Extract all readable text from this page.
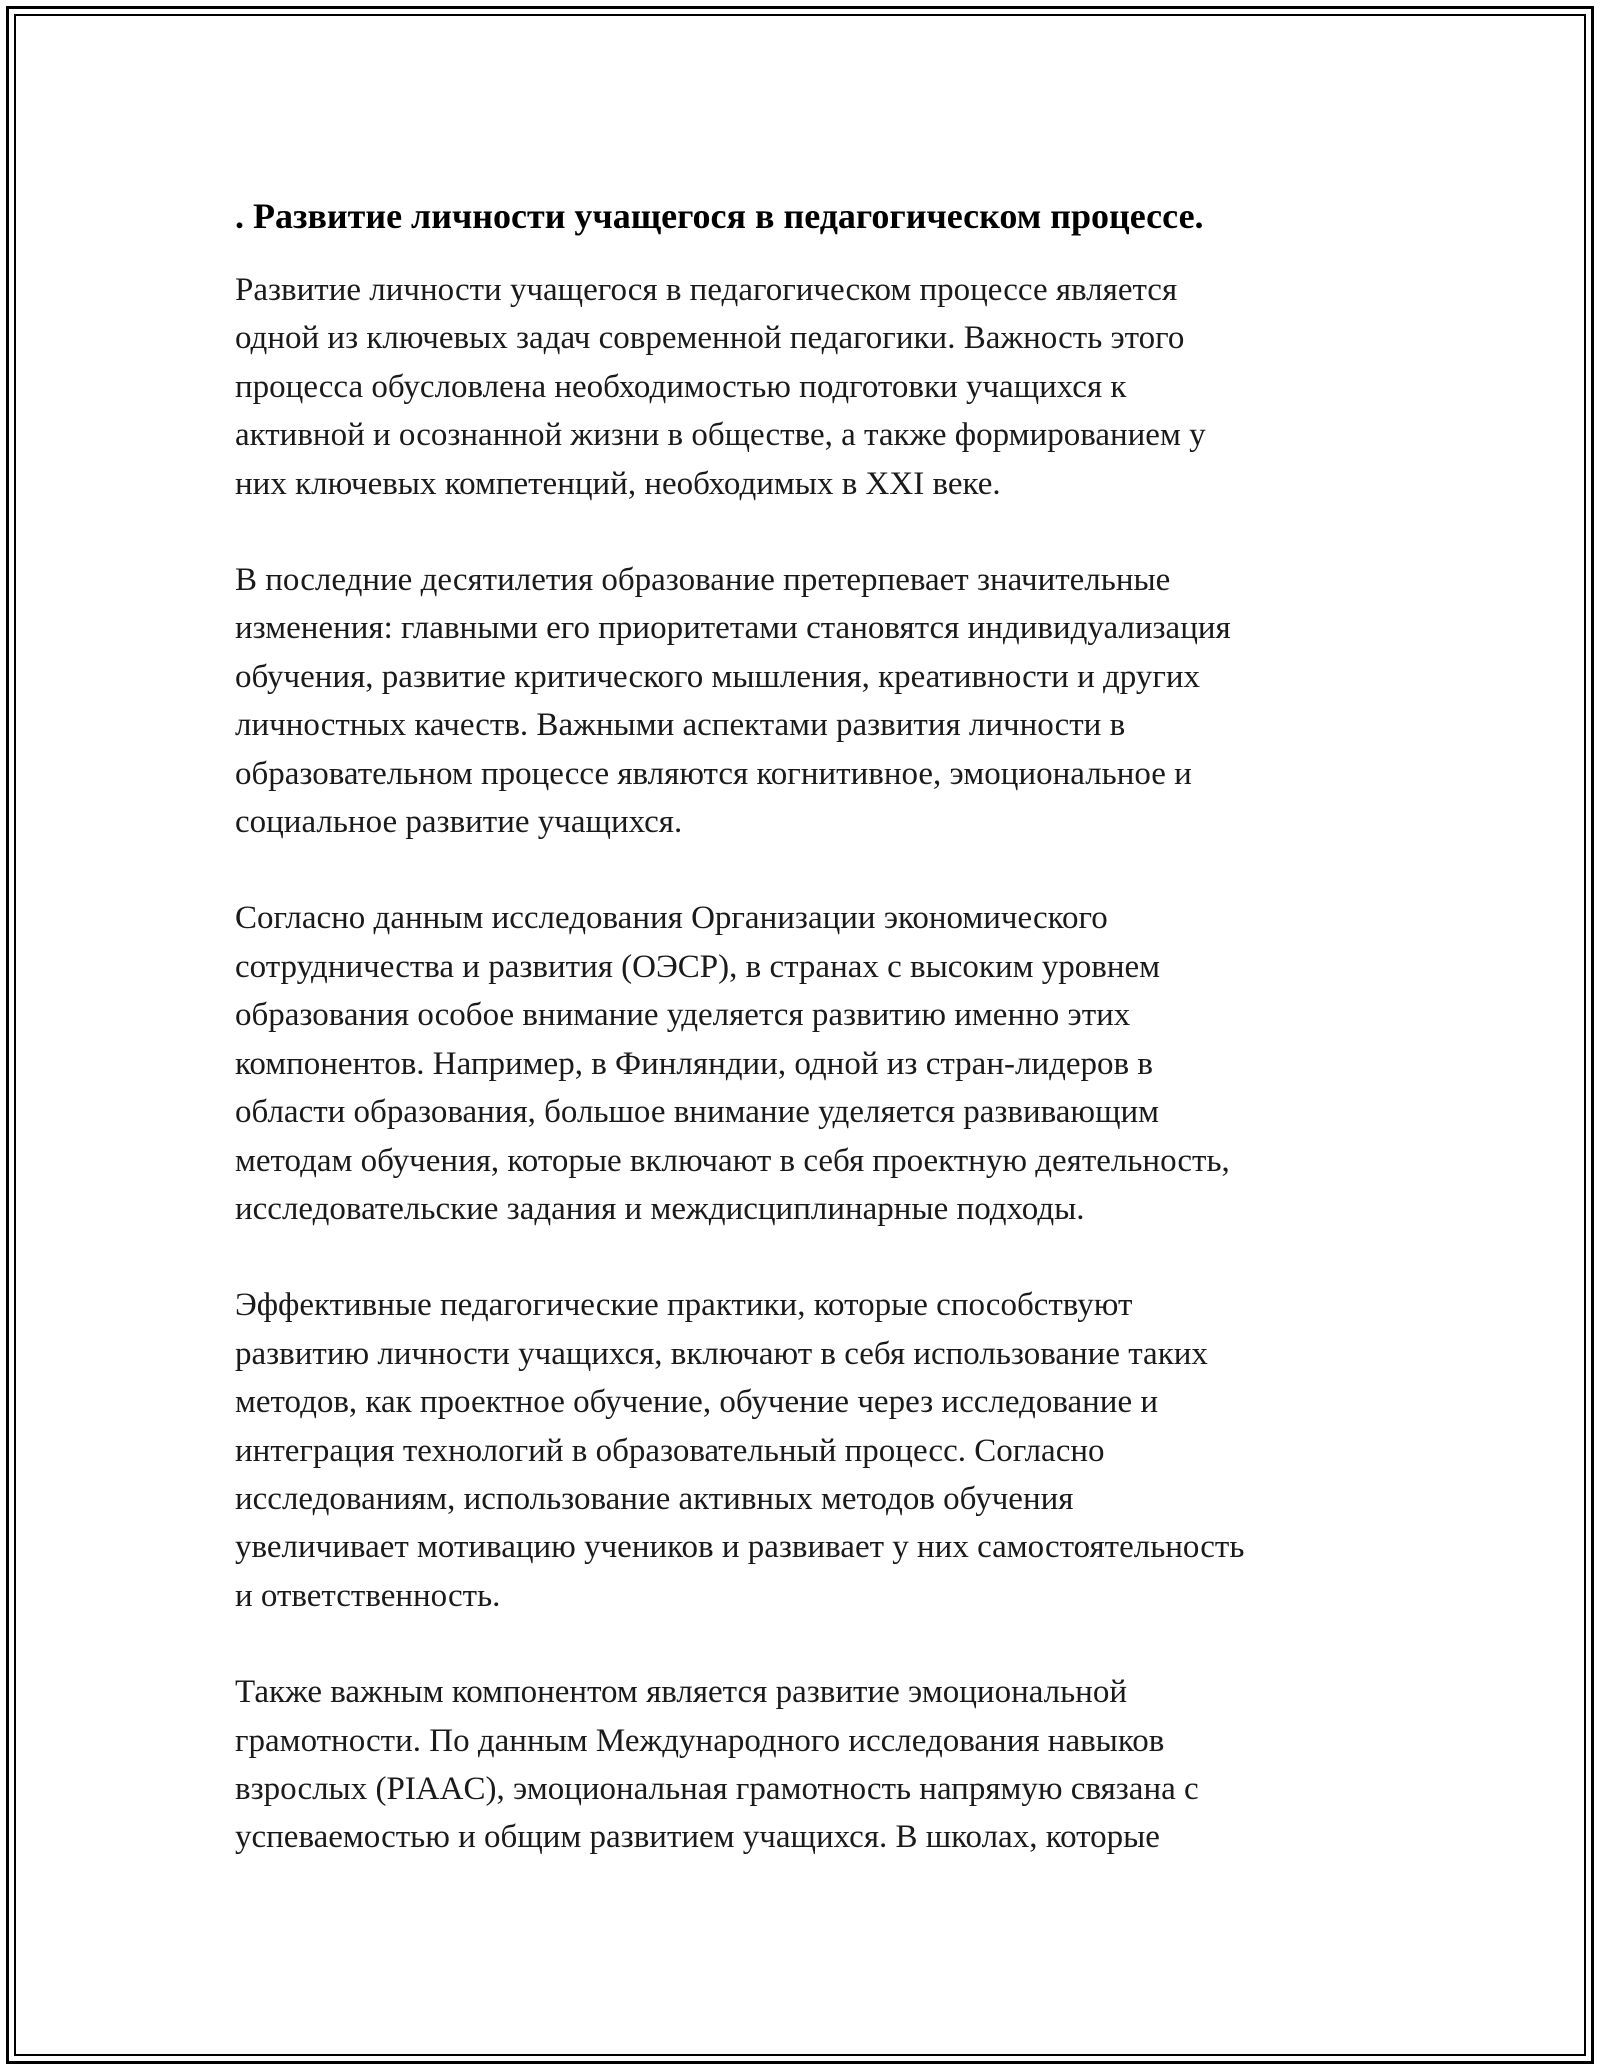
. Развитие личности учащегося в педагогическом процессе.

Развитие личности учащегося в педагогическом процессе является
одной из ключевых задач современной педагогики. Важность этого
процесса обусловлена необходимостью подготовки учащихся к
активной и осознанной жизни в обществе, а также формированием у
них ключевых компетенций, необходимых в XXI веке.

В последние десятилетия образование претерпевает значительные
изменения: главными его приоритетами становятся индивидуализация
обучения, развитие критического мышления, креативности и других
личностных качеств. Важными аспектами развития личности в
образовательном процессе являются когнитивное, эмоциональное и
социальное развитие учащихся.

Согласно данным исследования Организации экономического
сотрудничества и развития (ОЭСР), в странах с высоким уровнем
образования особое внимание уделяется развитию именно этих
компонентов. Например, в Финляндии, одной из стран-лидеров в
области образования, большое внимание уделяется развивающим
методам обучения, которые включают в себя проектную деятельность,
исследовательские задания и междисциплинарные подходы.

Эффективные педагогические практики, которые способствуют
развитию личности учащихся, включают в себя использование таких
методов, как проектное обучение, обучение через исследование и
интеграция технологий в образовательный процесс. Согласно
исследованиям, использование активных методов обучения
увеличивает мотивацию учеников и развивает у них самостоятельность
и ответственность.

Также важным компонентом является развитие эмоциональной
грамотности. По данным Международного исследования навыков
взрослых (PIAAC), эмоциональная грамотность напрямую связана с
успеваемостью и общим развитием учащихся. В школах, которые
